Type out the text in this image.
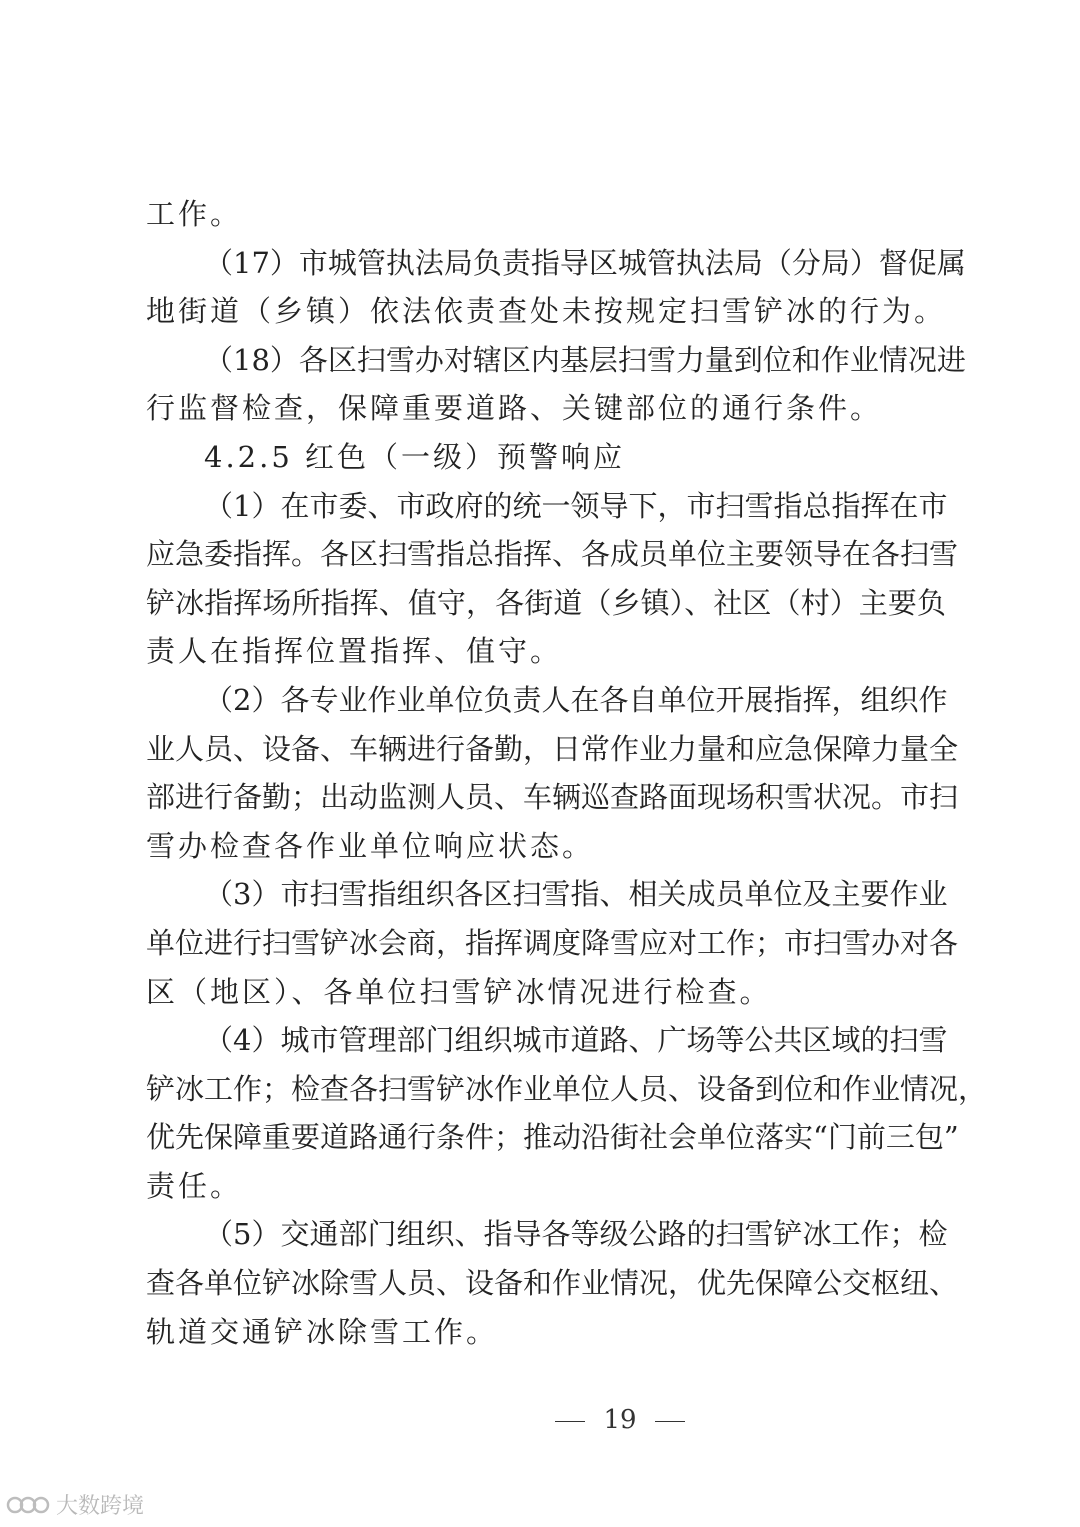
工作。
（17）市城管执法局负责指导区城管执法局（分局）督促属
地街道（乡镇）依法依责查处未按规定扫雪铲冰的行为。
（18）各区扫雪办对辖区内基层扫雪力量到位和作业情况进
行监督检查，保障重要道路、关键部位的通行条件。
4.2.5 红色（一级）预警响应
（1）在市委、市政府的统一领导下，市扫雪指总指挥在市
应急委指挥。各区扫雪指总指挥、各成员单位主要领导在各扫雪
铲冰指挥场所指挥、值守，各街道（乡镇）、社区（村）主要负
责人在指挥位置指挥、值守。
（2）各专业作业单位负责人在各自单位开展指挥，组织作
业人员、设备、车辆进行备勤，日常作业力量和应急保障力量全
部进行备勤；出动监测人员、车辆巡查路面现场积雪状况。市扫
雪办检查各作业单位响应状态。
（3）市扫雪指组织各区扫雪指、相关成员单位及主要作业
单位进行扫雪铲冰会商，指挥调度降雪应对工作；市扫雪办对各
区（地区）、各单位扫雪铲冰情况进行检查。
（4）城市管理部门组织城市道路、广场等公共区域的扫雪
铲冰工作；检查各扫雪铲冰作业单位人员、设备到位和作业情况，
优先保障重要道路通行条件；推动沿街社会单位落实“门前三包”
责任。
（5）交通部门组织、指导各等级公路的扫雪铲冰工作；检
查各单位铲冰除雪人员、设备和作业情况，优先保障公交枢纽、
轨道交通铲冰除雪工作。
19
大数跨境
